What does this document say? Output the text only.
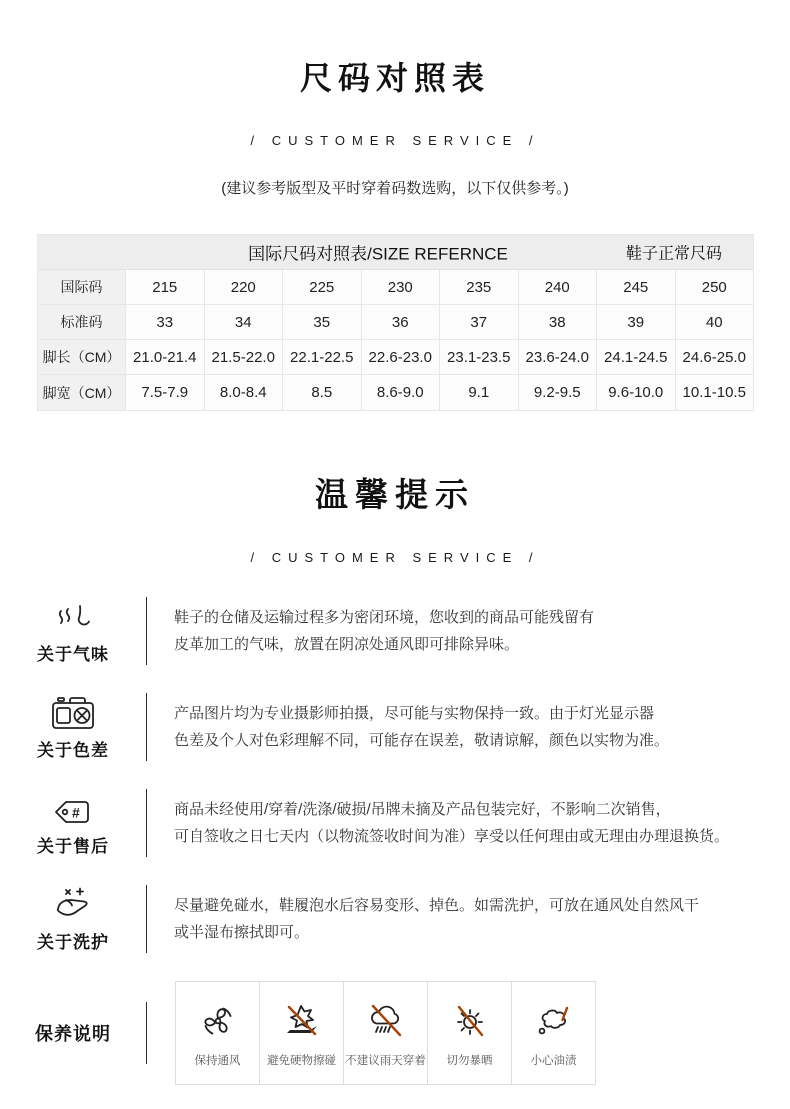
尺码对照表
/ CUSTOMER SERVICE /
(建议参考版型及平时穿着码数选购，以下仅供参考。)
国际尺码对照表/SIZE REFERNCE	鞋子正常尺码
国际码	215	220	225	230	235	240	245	250
标准码	33	34	35	36	37	38	39	40
脚长（CM） 21.0-21.4	21.5-22.0	22.1-22.5	22.6-23.0	23.1-23.5	23.6-24.0	24.1-24.5	24.6-25.0
脚宽（CM）	7.5-7.9	8.0-8.4	8.5	8.6-9.0	9.1	9.2-9.5	9.6-10.0	10.1-10.5
温馨提示
/ CUSTOMER SERVICE /
关于气味
鞋子的仓储及运输过程多为密闭环境，您收到的商品可能残留有
皮革加工的气味，放置在阴凉处通风即可排除异味。
关于色差
产品图片均为专业摄影师拍摄，尽可能与实物保持一致。由于灯光显示器
色差及个人对色彩理解不同，可能存在误差，敬请谅解，颜色以实物为准。
#
关于售后
商品未经使用/穿着/洗涤/破损/吊牌未摘及产品包装完好，不影响二次销售，
可自签收之日七天内（以物流签收时间为准）享受以任何理由或无理由办理退换货。
关于洗护
尽量避免碰水，鞋履泡水后容易变形、掉色。如需洗护，可放在通风处自然风干
或半湿布擦拭即可。
保养说明
保持通风 避免硬物擦碰 不建议雨天穿着 切勿暴晒	小心油渍
